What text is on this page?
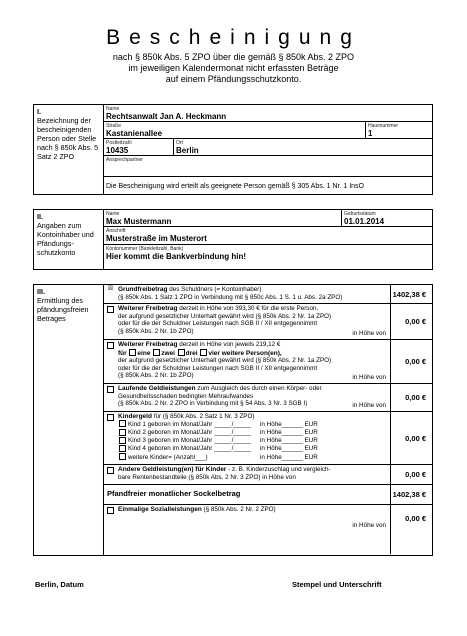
Bescheinigung
nach § 850k Abs. 5 ZPO über die gemäß § 850k Abs. 2 ZPO
im jeweiligen Kalendermonat nicht erfassten Beträge
auf einem Pfändungsschutzkonto.
I.
Bezeichnung der bescheinigenden Person oder Stelle nach § 850k Abs. 5 Satz 2 ZPO
Name
Rechtsanwalt Jan A. Heckmann
Straße
Kastanienallee
Hausnummer
1
Postleitzahl
10435
Ort
Berlin
Ansprechpartner
Die Bescheinigung wird erteilt als geeignete Person gemäß § 305 Abs. 1 Nr. 1 InsO
II.
Angaben zum Kontoinhaber und Pfändungs-schutzkonto
Name
Max Mustermann
Geburtsdatum
01.01.2014
Anschrift
Musterstraße im Musterort
Kontonummer (Bankleitzahl, Bank)
Hier kommt die Bankverbindung hin!
III.
Ermittlung des pfändungsfreien Betrages
☒ Grundfreibetrag des Schuldners (= Kontoinhaber)
(§ 850k Abs. 1 Satz 1 ZPO in Verbindung mit § 850c Abs. 1 S. 1 u. Abs. 2a ZPO)	1402,38 €
Weiterer Freibetrag derzeit in Höhe von 393,30 € für die erste Person,
der aufgrund gesetzlicher Unterhalt gewährt wird (§ 850k Abs. 2 Nr. 1a ZPO)
oder für die der Schuldner Leistungen nach SGB II / XII entgegennimmt
(§ 850k Abs. 2 Nr. 1b ZPO)	in Höhe von
0,00 €
Weiterer Freibetrag derzeit in Höhe von jeweils 219,12 €
für eine zwei drei vier weitere Person(en),
der aufgrund gesetzlicher Unterhalt gewährt wird (§ 850k Abs. 2 Nr. 1a ZPO)
oder für die der Schuldner Leistungen nach SGB II / XII entgegennimmt
(§ 850k Abs. 2 Nr. 1b ZPO)	in Höhe von
0,00 €
Laufende Geldleistungen zum Ausgleich des durch einen Körper- oder
Gesundheitsschaden bedingten Mehraufwandes
(§ 850k Abs. 2 Nr. 2 ZPO in Verbindung mit § 54 Abs. 3 Nr. 3 SGB I)	in Höhe von
0,00 €
Kindergeld für (§ 850k Abs. 2 Satz 1 Nr. 3 ZPO)
Kind 1 geboren im Monat/Jahr _____/_____	in Höhe______ EUR
Kind 2 geboren im Monat/Jahr _____/_____	in Höhe______ EUR
Kind 3 geboren im Monat/Jahr _____/_____	in Höhe______ EUR
Kind 4 geboren im Monat/Jahr _____/_____	in Höhe______ EUR
weitere Kinder= (Anzahl___)	in Höhe______ EUR
0,00 €
Andere Geldleistung(en) für Kinder - z. B. Kinderzuschlag und vergleich-
bare Rentenbestandteile (§ 850k Abs. 2 Nr. 3 ZPO) in Höhe von	0,00 €
Pfandfreier monatlicher Sockelbetrag	1402,38 €
Einmalige Sozialleistungen (§ 850k Abs. 2 Nr. 2 ZPO)
in Höhe von
0,00 €
Berlin, Datum	Stempel und Unterschrift
